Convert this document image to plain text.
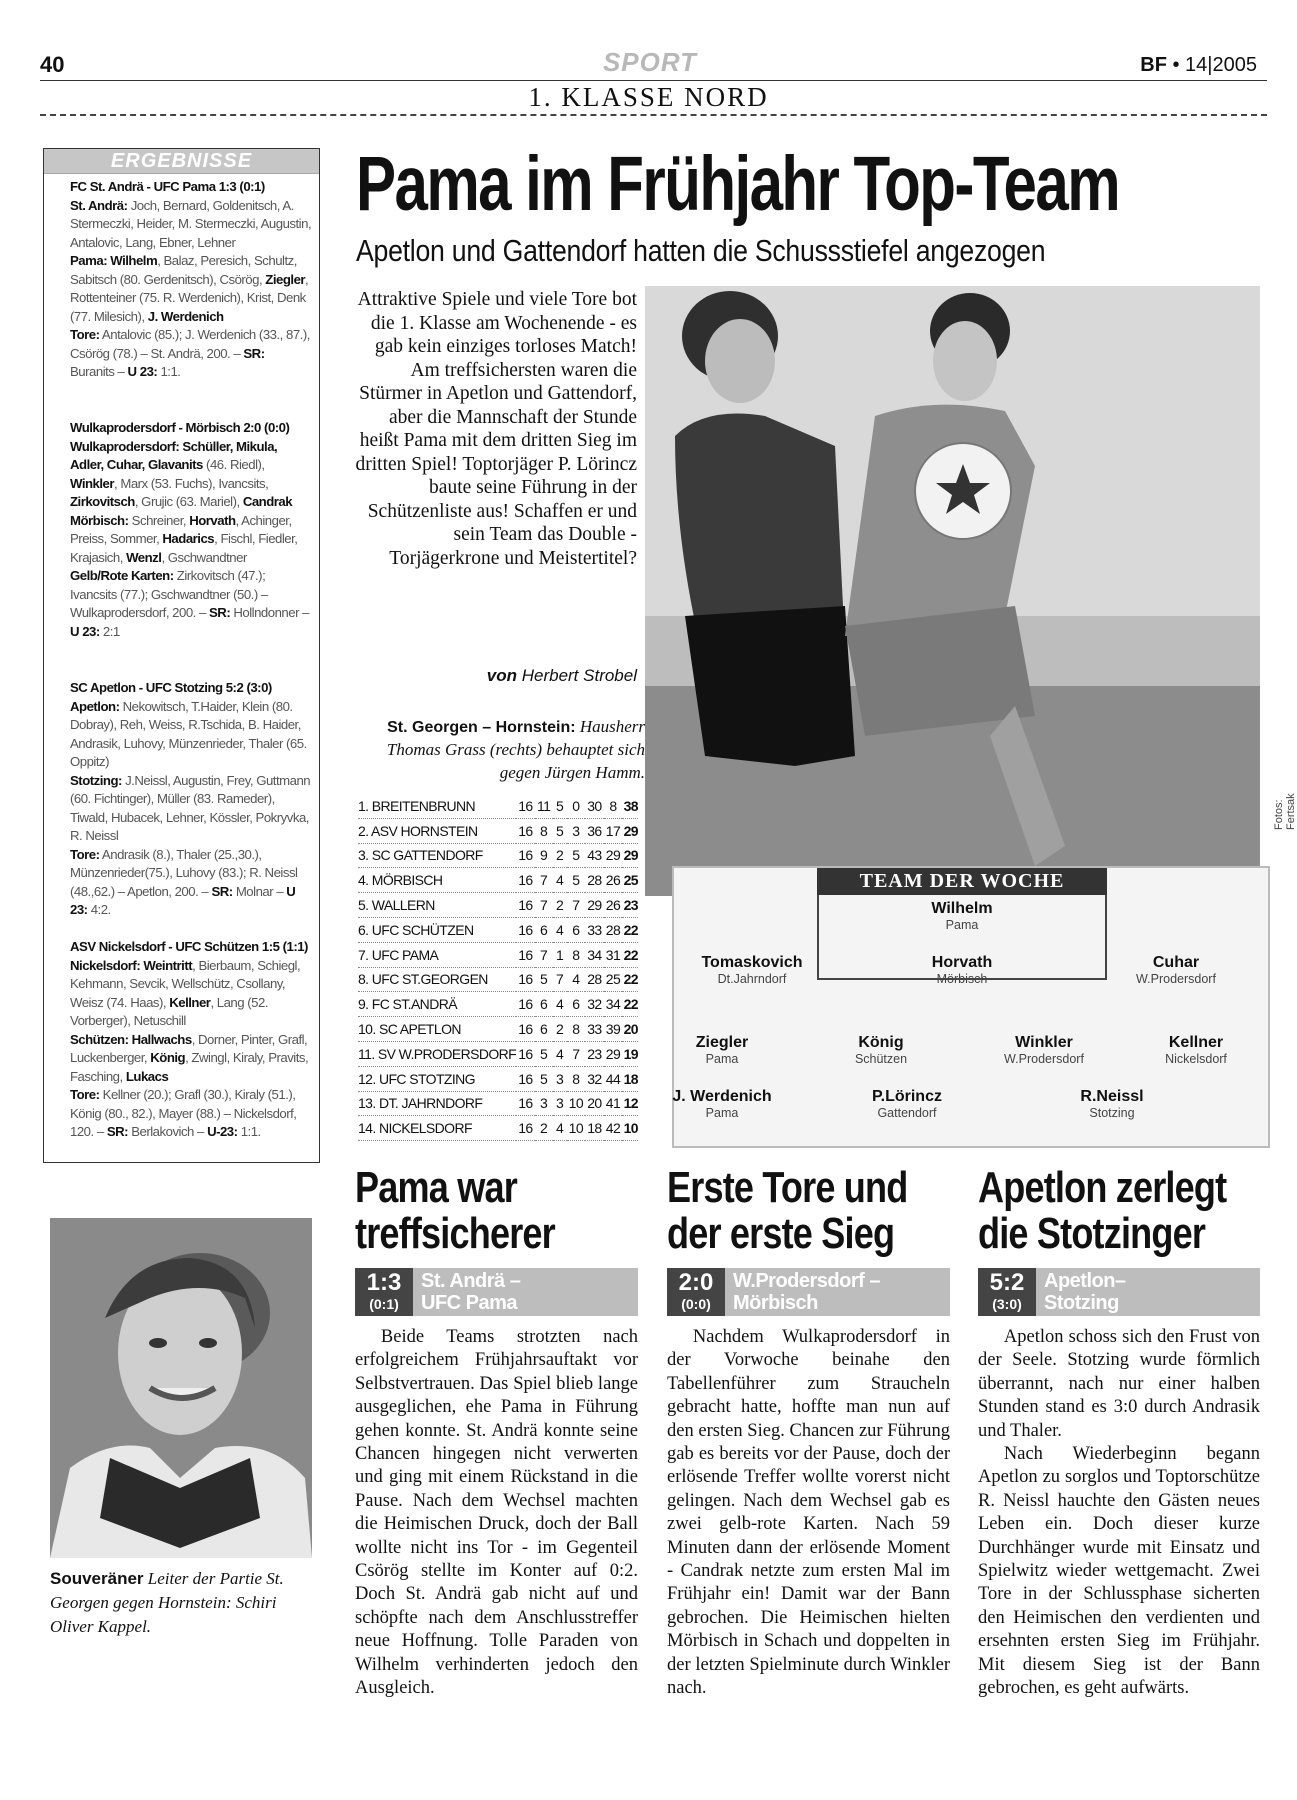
40	SPORT	BF • 14|2005
1. KLASSE NORD
ERGEBNISSE
FC St. Andrä - UFC Pama 1:3 (0:1)
St. Andrä: Joch, Bernard, Goldenitsch, A. Stermeczki, Heider, M. Stermeczki, Augustin, Antalovic, Lang, Ebner, Lehner
Pama: Wilhelm, Balaz, Peresich, Schultz, Sabitsch (80. Gerdenitsch), Csörög, Ziegler, Rottenteiner (75. R. Werdenich), Krist, Denk (77. Milesich), J. Werdenich
Tore: Antalovic (85.); J. Werdenich (33., 87.), Csörög (78.) – St. Andrä, 200. – SR: Buranits – U 23: 1:1.
Wulkaprodersdorf - Mörbisch 2:0 (0:0)
Wulkaprodersdorf: Schüller, Mikula, Adler, Cuhar, Glavanits (46. Riedl), Winkler, Marx (53. Fuchs), Ivancsits, Zirkovitsch, Grujic (63. Mariel), Candrak
Mörbisch: Schreiner, Horvath, Achinger, Preiss, Sommer, Hadarics, Fischl, Fiedler, Krajasich, Wenzl, Gschwandtner
Gelb/Rote Karten: Zirkovitsch (47.); Ivancsits (77.); Gschwandtner (50.) – Wulkaprodersdorf, 200. – SR: Hollndonner – U 23: 2:1
SC Apetlon - UFC Stotzing 5:2 (3:0)
Apetlon: Nekowitsch, T.Haider, Klein (80. Dobray), Reh, Weiss, R.Tschida, B. Haider, Andrasik, Luhovy, Münzenrieder, Thaler (65. Oppitz)
Stotzing: J.Neissl, Augustin, Frey, Guttmann (60. Fichtinger), Müller (83. Rameder), Tiwald, Hubacek, Lehner, Kössler, Pokryvka, R. Neissl
Tore: Andrasik (8.), Thaler (25.,30.), Münzenrieder(75.), Luhovy (83.); R. Neissl (48.,62.) – Apetlon, 200. – SR: Molnar – U 23: 4:2.
ASV Nickelsdorf - UFC Schützen 1:5 (1:1)
Nickelsdorf: Weintritt, Bierbaum, Schiegl, Kehmann, Sevcik, Wellschütz, Csollany, Weisz (74. Haas), Kellner, Lang (52. Vorberger), Netuschill
Schützen: Hallwachs, Dorner, Pinter, Grafl, Luckenberger, König, Zwingl, Kiraly, Pravits, Fasching, Lukacs
Tore: Kellner (20.); Grafl (30.), Kiraly (51.), König (80., 82.), Mayer (88.) – Nickelsdorf, 120. – SR: Berlakovich – U-23: 1:1.
Souveräner Leiter der Partie St. Georgen gegen Hornstein: Schiri Oliver Kappel.
Pama im Frühjahr Top-Team
Apetlon und Gattendorf hatten die Schussstiefel angezogen
Attraktive Spiele und viele Tore bot die 1. Klasse am Wochenende - es gab kein einziges torloses Match! Am treffsichersten waren die Stürmer in Apetlon und Gattendorf, aber die Mannschaft der Stunde heißt Pama mit dem dritten Sieg im dritten Spiel! Toptorjäger P. Lörincz baute seine Führung in der Schützenliste aus! Schaffen er und sein Team das Double - Torjägerkrone und Meistertitel?
von Herbert Strobel
St. Georgen – Hornstein: Hausherr Thomas Grass (rechts) behauptet sich gegen Jürgen Hamm.
1. BREITENBRUNN	16	11	5	0	30	8	38
2. ASV HORNSTEIN	16	8	5	3	36	17	29
3. SC GATTENDORF	16	9	2	5	43	29	29
4. MÖRBISCH	16	7	4	5	28	26	25
5. WALLERN	16	7	2	7	29	26	23
6. UFC SCHÜTZEN	16	6	4	6	33	28	22
7. UFC PAMA	16	7	1	8	34	31	22
8. UFC ST.GEORGEN	16	5	7	4	28	25	22
9. FC ST.ANDRÄ	16	6	4	6	32	34	22
10. SC APETLON	16	6	2	8	33	39	20
11. SV W.PRODERSDORF	16	5	4	7	23	29	19
12. UFC STOTZING	16	5	3	8	32	44	18
13. DT. JAHRNDORF	16	3	3	10	20	41	12
14. NICKELSDORF	16	2	4	10	18	42	10
Fotos: Fertsak
TEAM DER WOCHE
Wilhelm
Pama
Tomaskovich
Dt.Jahrndorf
Horvath
Mörbisch
Cuhar
W.Prodersdorf
Ziegler
Pama
König
Schützen
Winkler
W.Prodersdorf
Kellner
Nickelsdorf
J. Werdenich
Pama
P.Lörincz
Gattendorf
R.Neissl
Stotzing
Pama war
treffsicherer
1:3
(0:1)
St. Andrä –
UFC Pama

Beide Teams strotzten nach erfolgreichem Frühjahrsauftakt vor Selbstvertrauen. Das Spiel blieb lange ausgeglichen, ehe Pama in Führung gehen konnte. St. Andrä konnte seine Chancen hingegen nicht verwerten und ging mit einem Rückstand in die Pause. Nach dem Wechsel machten die Heimischen Druck, doch der Ball wollte nicht ins Tor - im Gegenteil Csörög stellte im Konter auf 0:2. Doch St. Andrä gab nicht auf und schöpfte nach dem Anschlusstreffer neue Hoffnung. Tolle Paraden von Wilhelm verhinderten jedoch den Ausgleich.

Erste Tore und
der erste Sieg
2:0
(0:0)
W.Prodersdorf –
Mörbisch

Nachdem Wulkaprodersdorf in der Vorwoche beinahe den Tabellenführer zum Straucheln gebracht hatte, hoffte man nun auf den ersten Sieg. Chancen zur Führung gab es bereits vor der Pause, doch der erlösende Treffer wollte vorerst nicht gelingen. Nach dem Wechsel gab es zwei gelb-rote Karten. Nach 59 Minuten dann der erlösende Moment - Candrak netzte zum ersten Mal im Frühjahr ein! Damit war der Bann gebrochen. Die Heimischen hielten Mörbisch in Schach und doppelten in der letzten Spielminute durch Winkler nach.

Apetlon zerlegt
die Stotzinger
5:2
(3:0)
Apetlon–
Stotzing

Apetlon schoss sich den Frust von der Seele. Stotzing wurde förmlich überrannt, nach nur einer halben Stunden stand es 3:0 durch Andrasik und Thaler.

Nach Wiederbeginn begann Apetlon zu sorglos und Toptorschütze R. Neissl hauchte den Gästen neues Leben ein. Doch dieser kurze Durchhänger wurde mit Einsatz und Spielwitz wieder wettgemacht. Zwei Tore in der Schlussphase sicherten den Heimischen den verdienten und ersehnten ersten Sieg im Frühjahr. Mit diesem Sieg ist der Bann gebrochen, es geht aufwärts.
